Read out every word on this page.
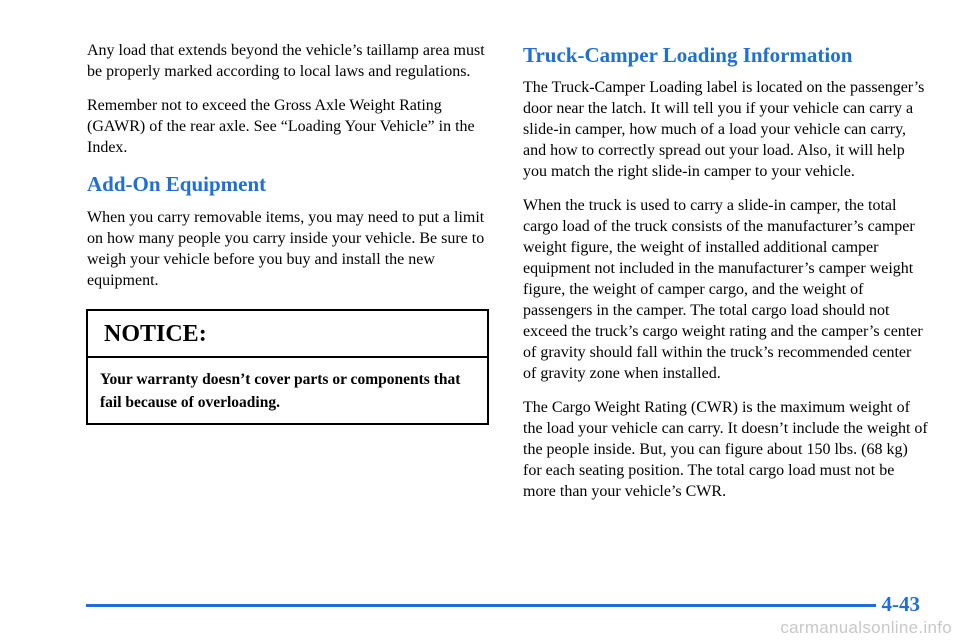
Any load that extends beyond the vehicle’s taillamp area must be properly marked according to local laws and regulations.

Remember not to exceed the Gross Axle Weight Rating (GAWR) of the rear axle. See “Loading Your Vehicle” in the Index.

Add-On Equipment

When you carry removable items, you may need to put a limit on how many people you carry inside your vehicle. Be sure to weigh your vehicle before you buy and install the new equipment.

NOTICE:
Your warranty doesn’t cover parts or components that fail because of overloading.
Truck-Camper Loading Information

The Truck-Camper Loading label is located on the passenger’s door near the latch. It will tell you if your vehicle can carry a slide-in camper, how much of a load your vehicle can carry, and how to correctly spread out your load. Also, it will help you match the right slide-in camper to your vehicle.

When the truck is used to carry a slide-in camper, the total cargo load of the truck consists of the manufacturer’s camper weight figure, the weight of installed additional camper equipment not included in the manufacturer’s camper weight figure, the weight of camper cargo, and the weight of passengers in the camper. The total cargo load should not exceed the truck’s cargo weight rating and the camper’s center of gravity should fall within the truck’s recommended center of gravity zone when installed.

The Cargo Weight Rating (CWR) is the maximum weight of the load your vehicle can carry. It doesn’t include the weight of the people inside. But, you can figure about 150 lbs. (68 kg) for each seating position. The total cargo load must not be more than your vehicle’s CWR.

4-43
carmanualsonline.info
